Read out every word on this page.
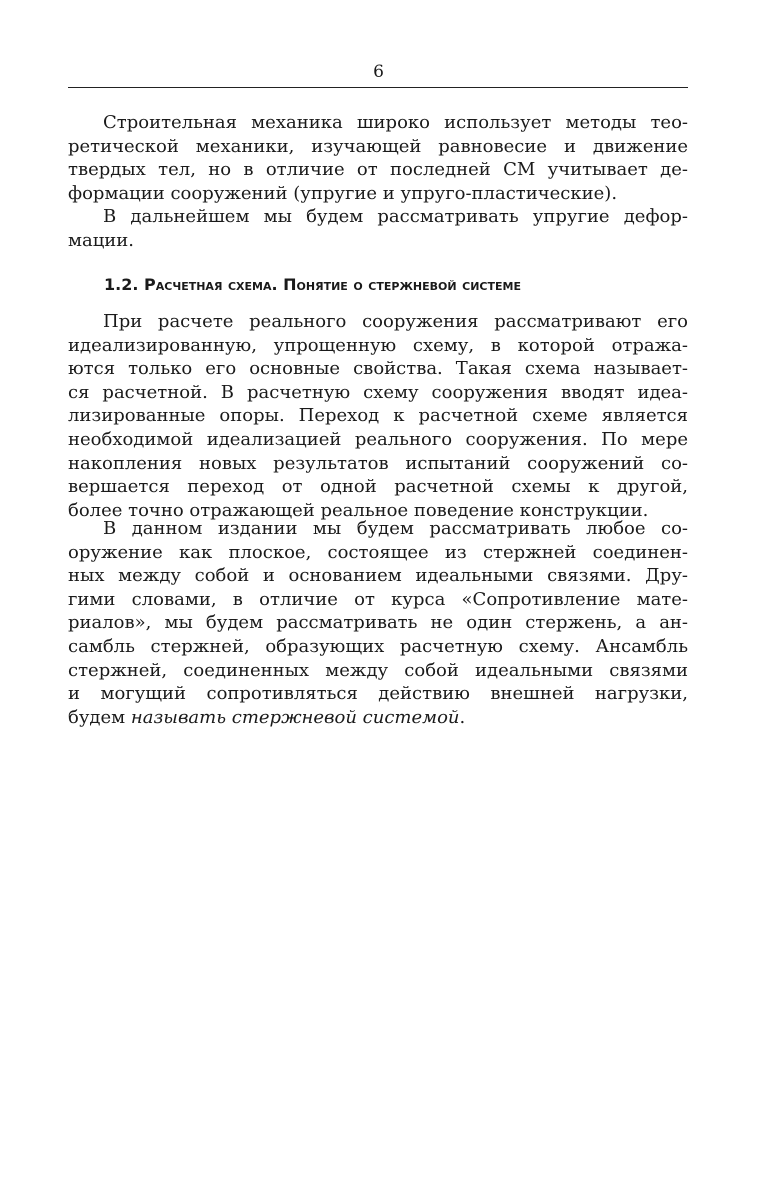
6
Строительная механика широко использует методы тео-
ретической механики, изучающей равновесие и движение
твердых тел, но в отличие от последней СМ учитывает де-
формации сооружений (упругие и упруго-пластические).
В дальнейшем мы будем рассматривать упругие дефор-
мации.
1.2. Расчетная схема. Понятие о стержневой системе
При расчете реального сооружения рассматривают его
идеализированную, упрощенную схему, в которой отража-
ются только его основные свойства. Такая схема называет-
ся расчетной. В расчетную схему сооружения вводят идеа-
лизированные опоры. Переход к расчетной схеме является
необходимой идеализацией реального сооружения. По мере
накопления новых результатов испытаний сооружений со-
вершается переход от одной расчетной схемы к другой,
более точно отражающей реальное поведение конструкции.
В данном издании мы будем рассматривать любое со-
оружение как плоское, состоящее из стержней соединен-
ных между собой и основанием идеальными связями. Дру-
гими словами, в отличие от курса «Сопротивление мате-
риалов», мы будем рассматривать не один стержень, а ан-
самбль стержней, образующих расчетную схему. Ансамбль
стержней, соединенных между собой идеальными связями
и могущий сопротивляться действию внешней нагрузки,
будем называть стержневой системой.
